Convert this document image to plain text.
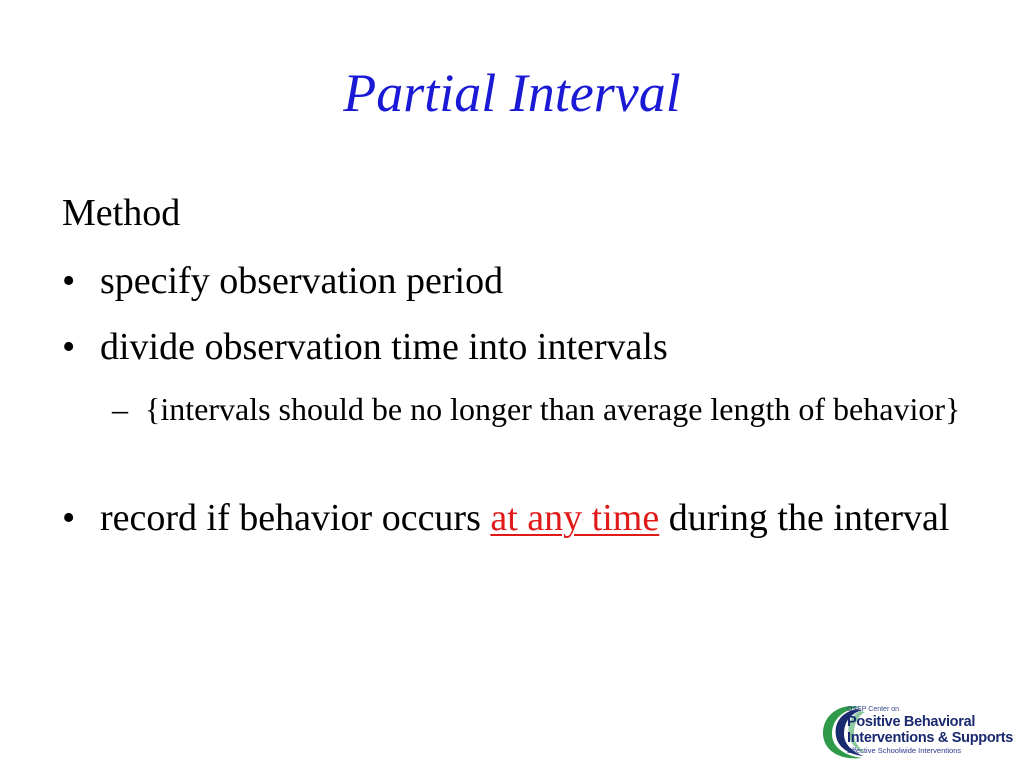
Partial Interval
Method
• specify observation period
• divide observation time into intervals
– {intervals should be no longer than average length of behavior}
• record if behavior occurs at any time during the interval
OSEP Center on
Positive Behavioral
Interventions & Supports
Effective Schoolwide Interventions
